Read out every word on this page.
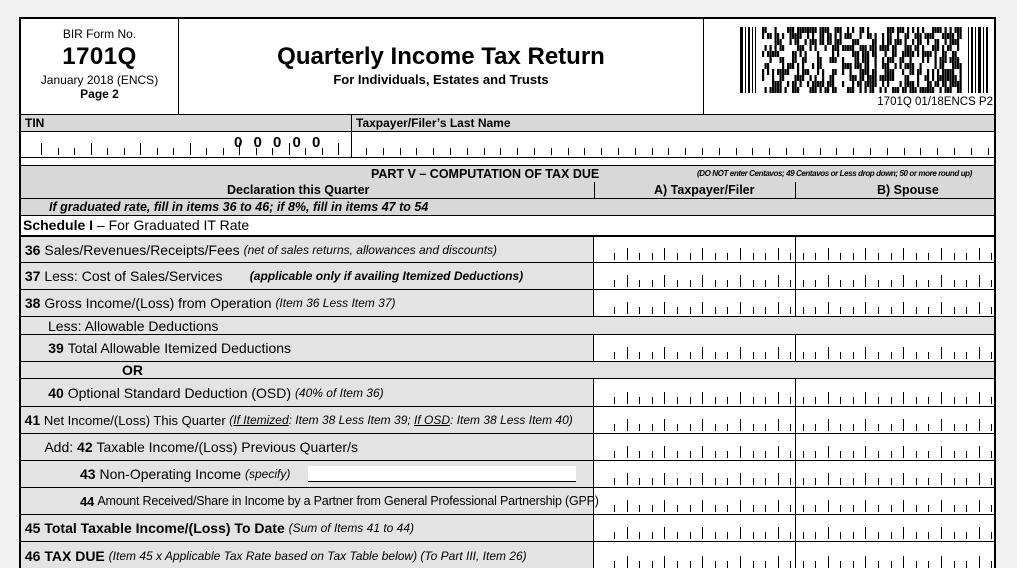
BIR Form No.
1701Q
January 2018 (ENCS)
Page 2
Quarterly Income Tax Return
For Individuals, Estates and Trusts
1701Q 01/18ENCS P2
TIN	Taxpayer/Filer’s Last Name
0 0 0 0 0
PART V – COMPUTATION OF TAX DUE	(DO NOT enter Centavos; 49 Centavos or Less drop down; 50 or more round up)
Declaration this Quarter	A) Taxpayer/Filer	B) Spouse
If graduated rate, fill in items 36 to 46; if 8%, fill in items 47 to 54
Schedule I – For Graduated IT Rate

36
Sales/Revenues/Receipts/Fees
(net of sales returns, allowances and discounts)

37
Less: Cost of Sales/Services
(applicable only if availing Itemized Deductions)

38
Gross Income/(Loss) from Operation
(Item 36 Less Item 37)
Less: Allowable Deductions

39
Total Allowable Itemized Deductions
OR

40
Optional Standard Deduction (OSD)
(40% of Item 36)

41
Net Income/(Loss) This Quarter
(If Itemized: Item 38 Less Item 39; If OSD: Item 38 Less Item 40)

Add:
42
Taxable Income/(Loss) Previous Quarter/s
43
Non-Operating Income
(specify)
44
Amount Received/Share in Income by a Partner from General Professional Partnership (GPP)

45
Total Taxable Income/(Loss) To Date
(Sum of Items 41 to 44)

46
TAX DUE
(Item 45 x Applicable Tax Rate based on Tax Table below) (To Part III, Item 26)
